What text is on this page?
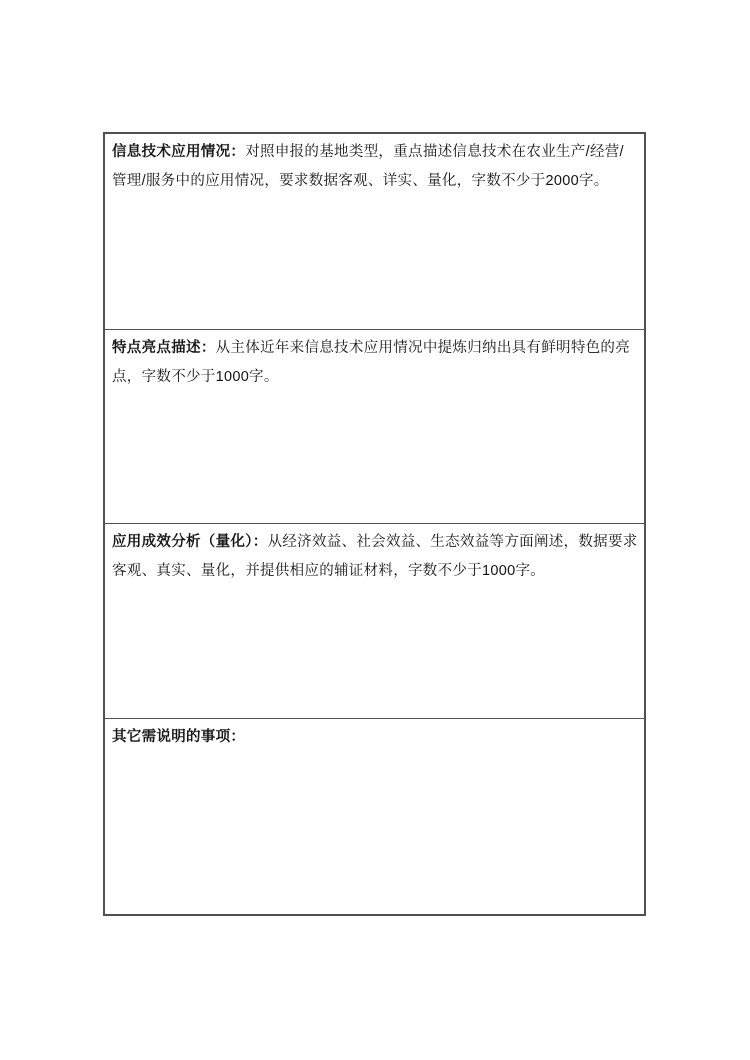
信息技术应用情况：对照申报的基地类型，重点描述信息技术在农业生产/经营/管理/服务中的应用情况，要求数据客观、详实、量化，字数不少于2000字。
特点亮点描述：从主体近年来信息技术应用情况中提炼归纳出具有鲜明特色的亮点，字数不少于1000字。
应用成效分析（量化）：从经济效益、社会效益、生态效益等方面阐述，数据要求客观、真实、量化，并提供相应的辅证材料，字数不少于1000字。
其它需说明的事项：
